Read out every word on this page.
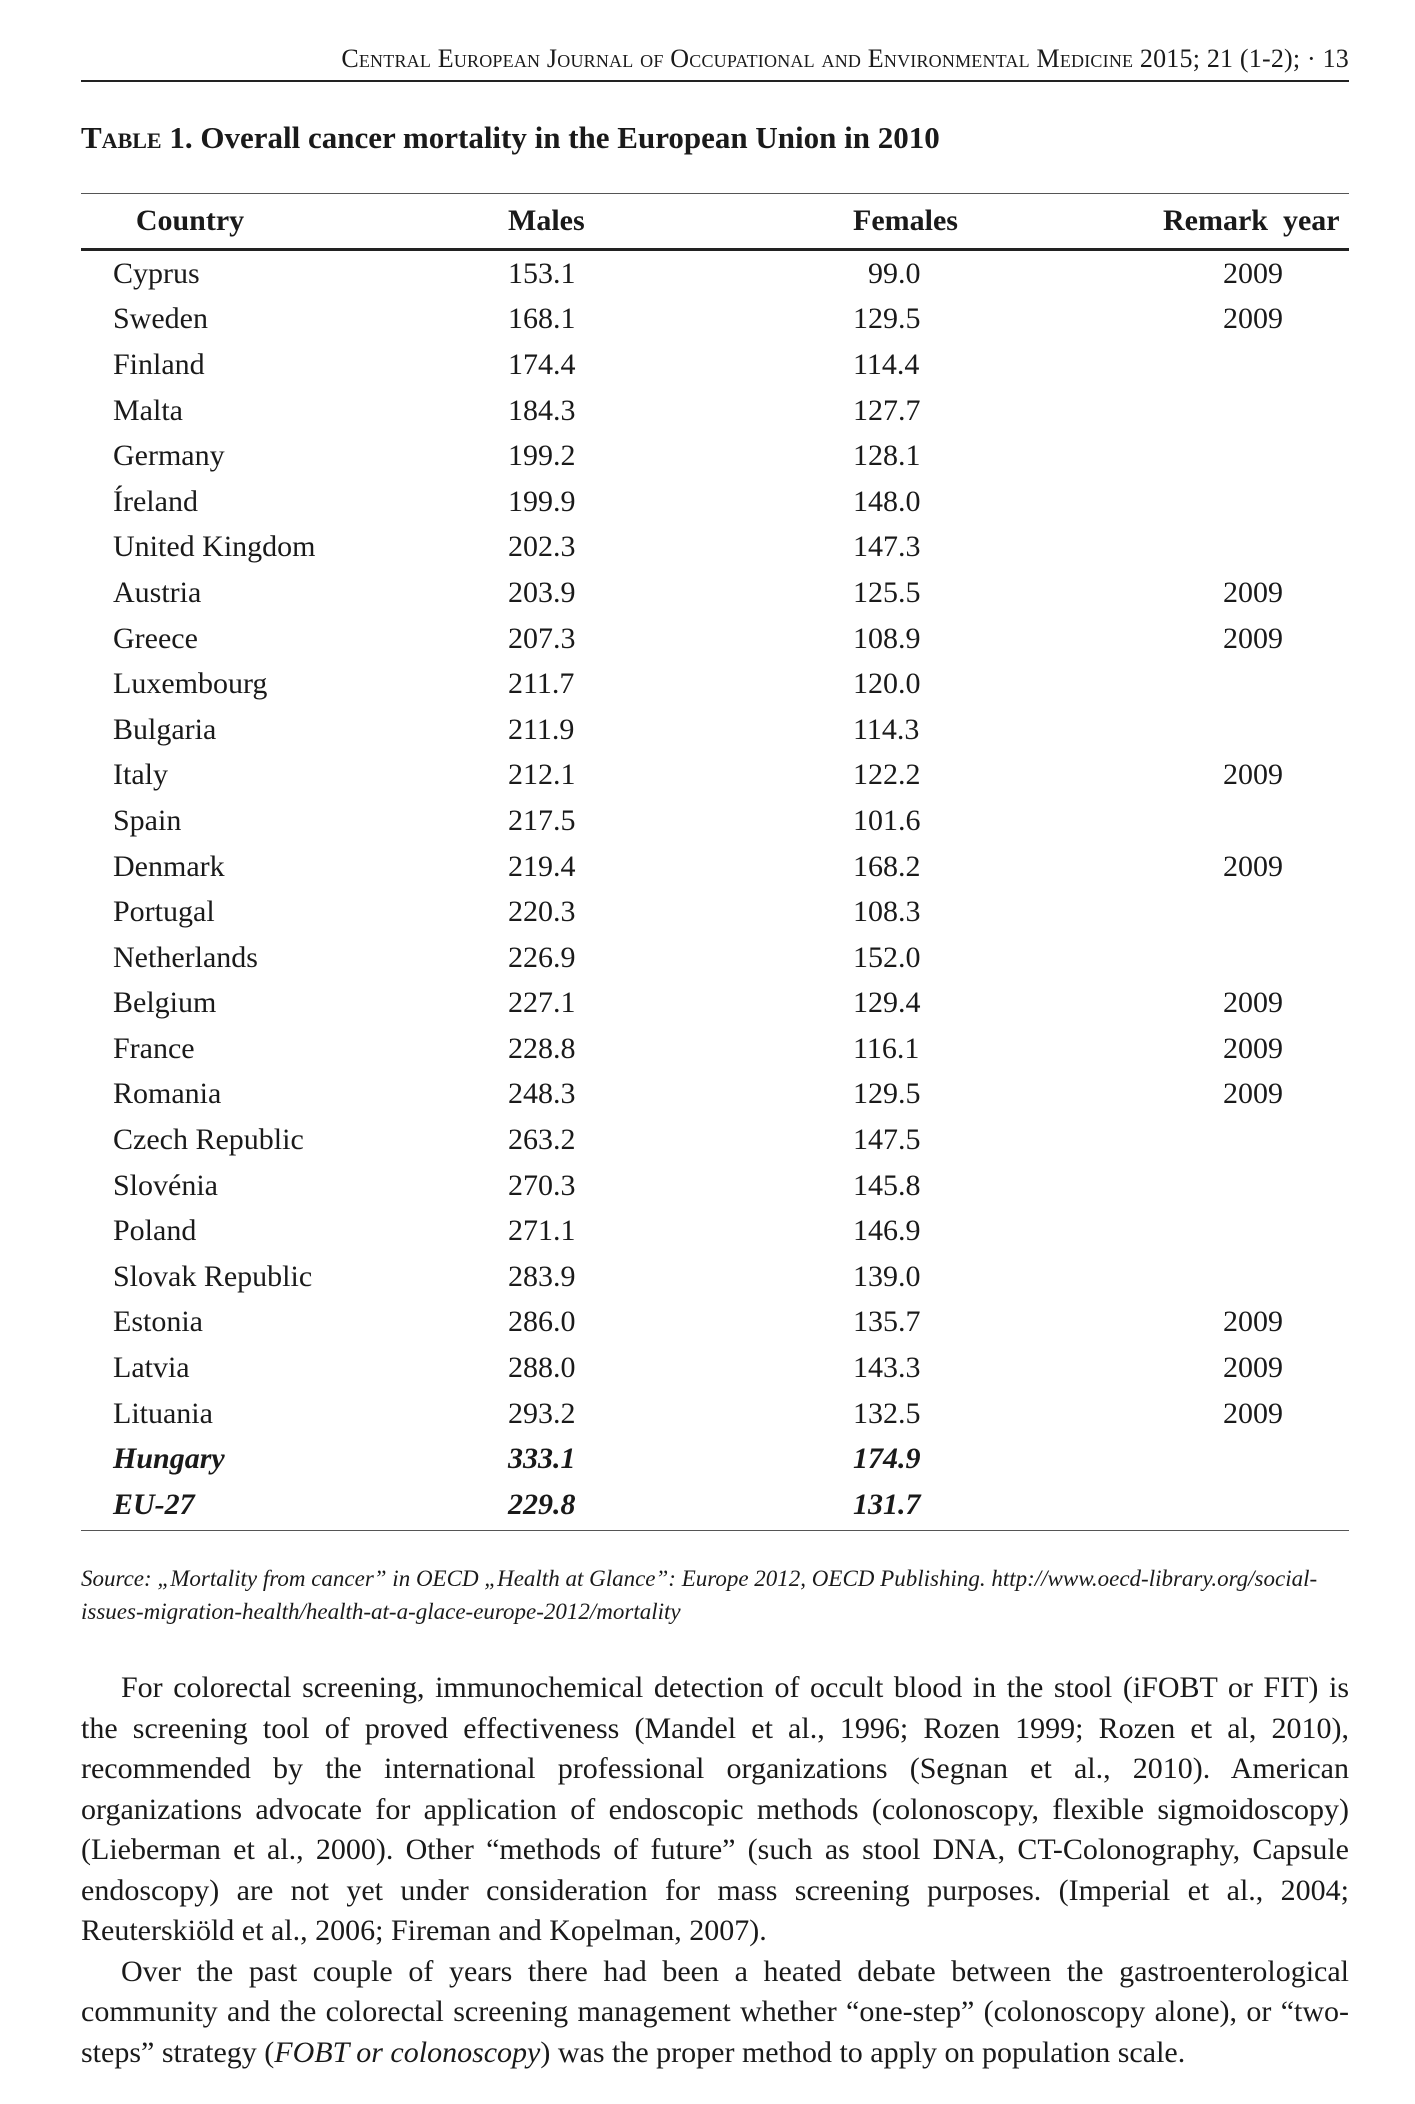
Central European Journal of Occupational and Environmental Medicine 2015; 21 (1-2); · 13
Table 1. Overall cancer mortality in the European Union in 2010
Country	Males	Females	Remark  year
Cyprus	153.1	99.0	2009
Sweden	168.1	129.5	2009
Finland	174.4	114.4	
Malta	184.3	127.7	
Germany	199.2	128.1	
Íreland	199.9	148.0	
United Kingdom	202.3	147.3	
Austria	203.9	125.5	2009
Greece	207.3	108.9	2009
Luxembourg	211.7	120.0	
Bulgaria	211.9	114.3	
Italy	212.1	122.2	2009
Spain	217.5	101.6	
Denmark	219.4	168.2	2009
Portugal	220.3	108.3	
Netherlands	226.9	152.0	
Belgium	227.1	129.4	2009
France	228.8	116.1	2009
Romania	248.3	129.5	2009
Czech Republic	263.2	147.5	
Slovénia	270.3	145.8	
Poland	271.1	146.9	
Slovak Republic	283.9	139.0	
Estonia	286.0	135.7	2009
Latvia	288.0	143.3	2009
Lituania	293.2	132.5	2009
Hungary	333.1	174.9	
EU-27	229.8	131.7	
Source: „Mortality from cancer” in OECD „Health at Glance”: Europe 2012, OECD Publishing. http://www.oecd-library.org/social-issues-migration-health/health-at-a-glace-europe-2012/mortality

For colorectal screening, immunochemical detection of occult blood in the stool (iFOBT or FIT) is the screening tool of proved effectiveness (Mandel et al., 1996; Rozen 1999; Rozen et al, 2010), recommended by the international professional organizations (Segnan et al., 2010). American organizations advocate for application of endoscopic methods (colonoscopy, flexible sigmoidoscopy) (Lieberman et al., 2000). Other “methods of future” (such as stool DNA, CT-Colonography, Capsule endoscopy) are not yet under consideration for mass screening purposes. (Imperial et al., 2004; Reuterskiöld et al., 2006; Fireman and Kopelman, 2007).

Over the past couple of years there had been a heated debate between the gastroenterological community and the colorectal screening management whether “one-step” (colonoscopy alone), or “two-steps” strategy (FOBT or colonoscopy) was the proper method to apply on population scale.
